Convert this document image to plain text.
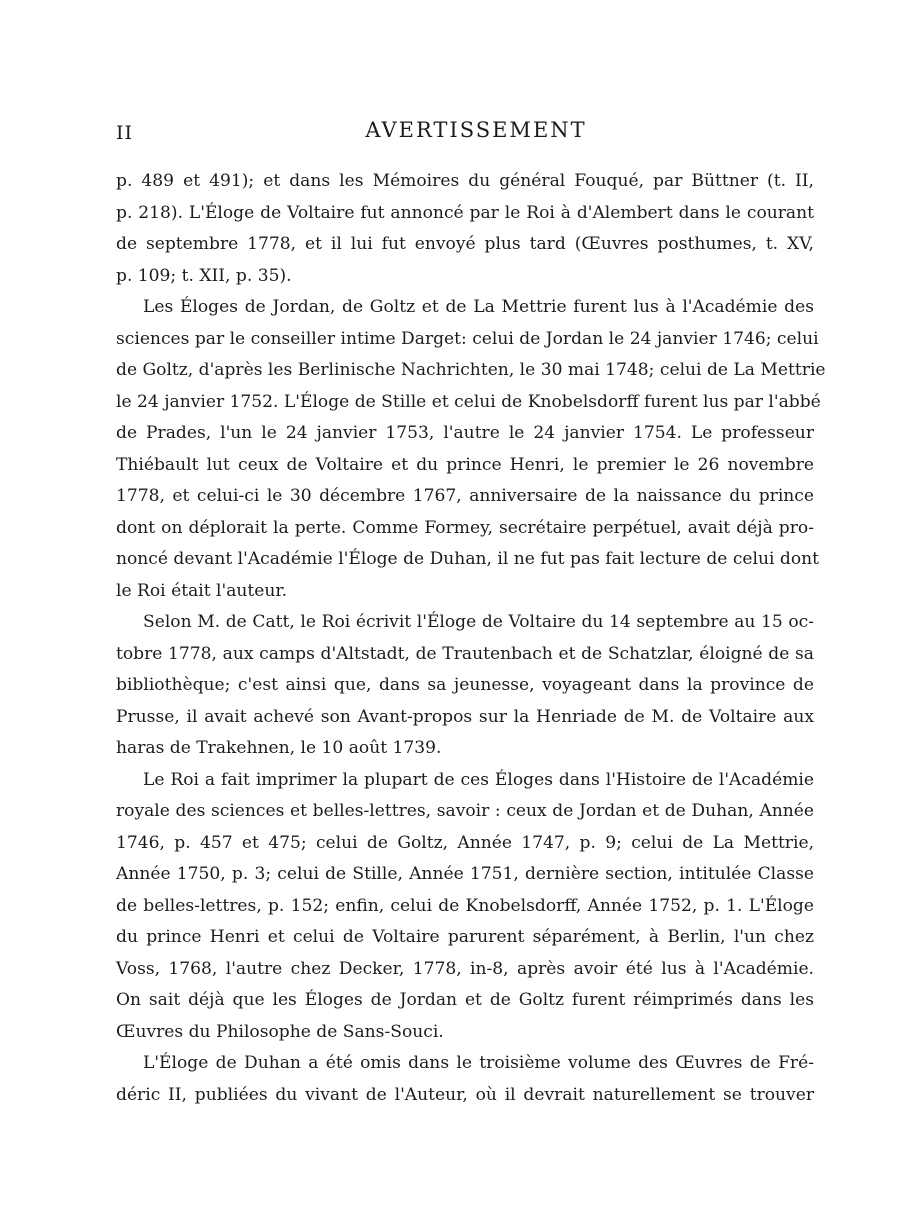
II	AVERTISSEMENT
p. 489 et 491); et dans les Mémoires du général Fouqué, par Büttner (t. II,
p. 218). L'Éloge de Voltaire fut annoncé par le Roi à d'Alembert dans le courant
de septembre 1778, et il lui fut envoyé plus tard (Œuvres posthumes, t. XV,
p. 109; t. XII, p. 35).
Les Éloges de Jordan, de Goltz et de La Mettrie furent lus à l'Académie des
sciences par le conseiller intime Darget: celui de Jordan le 24 janvier 1746; celui
de Goltz, d'après les Berlinische Nachrichten, le 30 mai 1748; celui de La Mettrie
le 24 janvier 1752. L'Éloge de Stille et celui de Knobelsdorff furent lus par l'abbé
de Prades, l'un le 24 janvier 1753, l'autre le 24 janvier 1754. Le professeur
Thiébault lut ceux de Voltaire et du prince Henri, le premier le 26 novembre
1778, et celui-ci le 30 décembre 1767, anniversaire de la naissance du prince
dont on déplorait la perte. Comme Formey, secrétaire perpétuel, avait déjà pro-
noncé devant l'Académie l'Éloge de Duhan, il ne fut pas fait lecture de celui dont
le Roi était l'auteur.
Selon M. de Catt, le Roi écrivit l'Éloge de Voltaire du 14 septembre au 15 oc-
tobre 1778, aux camps d'Altstadt, de Trautenbach et de Schatzlar, éloigné de sa
bibliothèque; c'est ainsi que, dans sa jeunesse, voyageant dans la province de
Prusse, il avait achevé son Avant-propos sur la Henriade de M. de Voltaire aux
haras de Trakehnen, le 10 août 1739.
Le Roi a fait imprimer la plupart de ces Éloges dans l'Histoire de l'Académie
royale des sciences et belles-lettres, savoir : ceux de Jordan et de Duhan, Année
1746, p. 457 et 475; celui de Goltz, Année 1747, p. 9; celui de La Mettrie,
Année 1750, p. 3; celui de Stille, Année 1751, dernière section, intitulée Classe
de belles-lettres, p. 152; enfin, celui de Knobelsdorff, Année 1752, p. 1. L'Éloge
du prince Henri et celui de Voltaire parurent séparément, à Berlin, l'un chez
Voss, 1768, l'autre chez Decker, 1778, in-8, après avoir été lus à l'Académie.
On sait déjà que les Éloges de Jordan et de Goltz furent réimprimés dans les
Œuvres du Philosophe de Sans-Souci.
L'Éloge de Duhan a été omis dans le troisième volume des Œuvres de Fré-
déric II, publiées du vivant de l'Auteur, où il devrait naturellement se trouver
